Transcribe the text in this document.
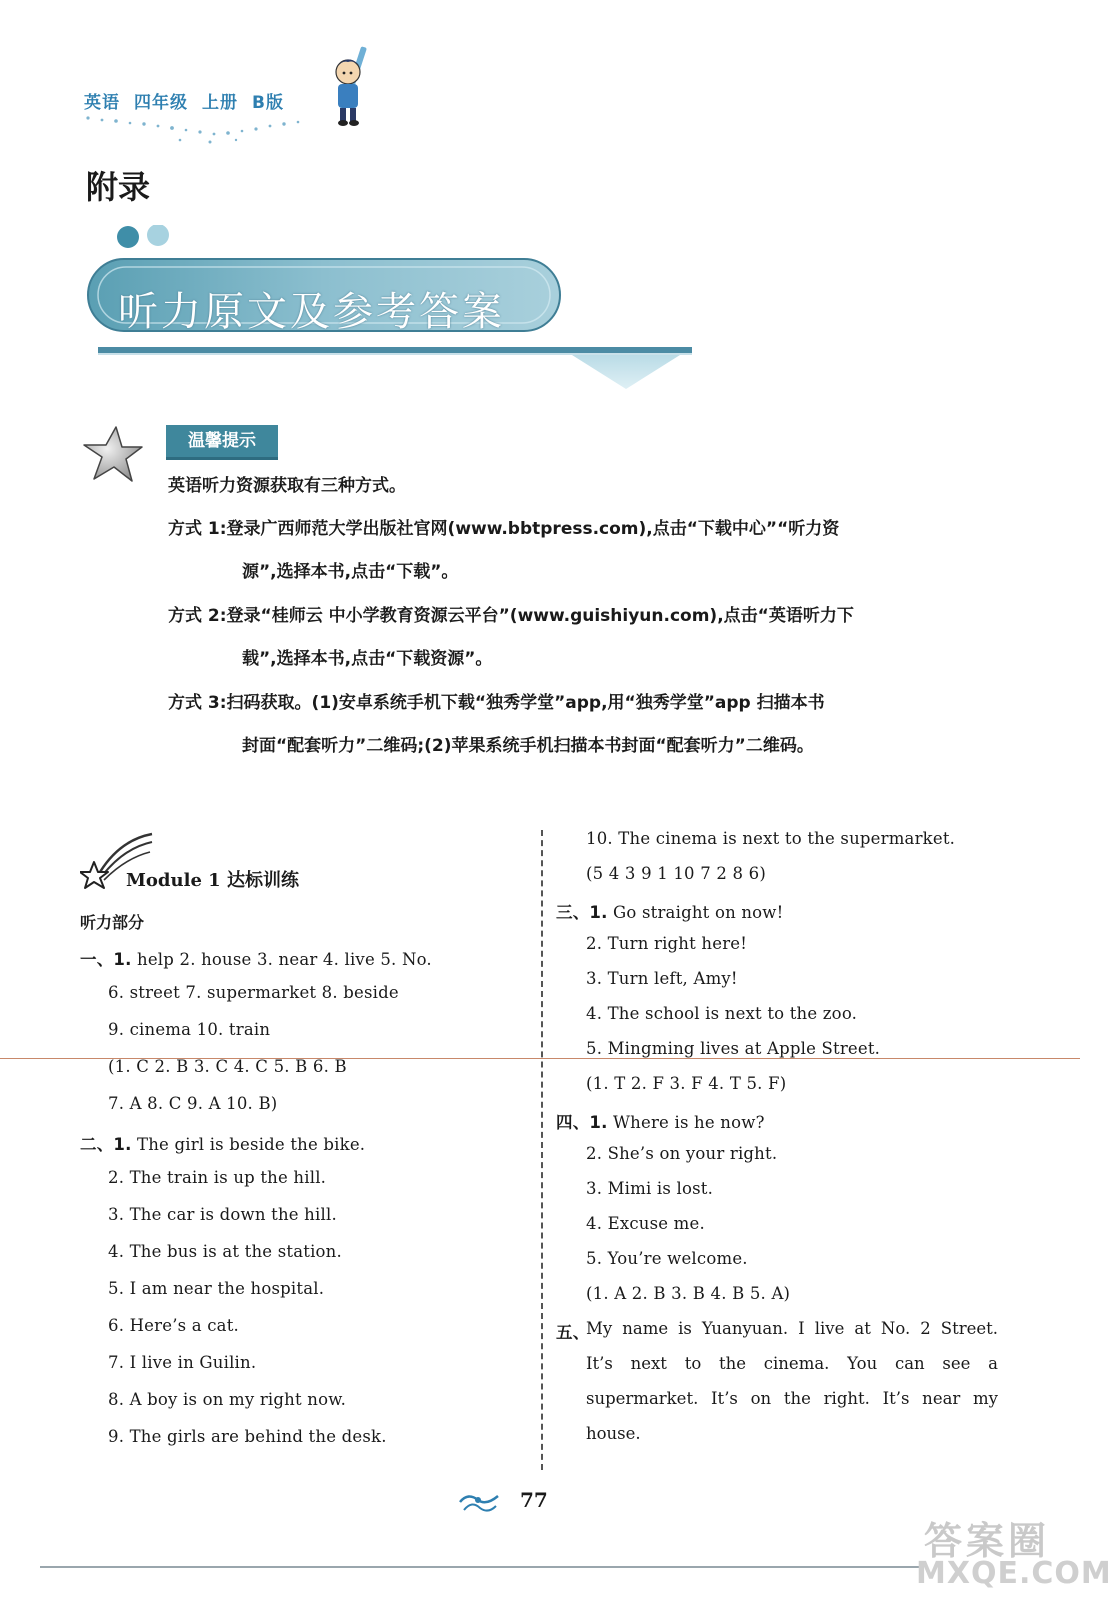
英语 四年级 上册 B版
附录
听力原文及参考答案
温馨提示
英语听力资源获取有三种方式。
方式 1:登录广西师范大学出版社官网(www.bbtpress.com),点击“下载中心”“听力资
源”,选择本书,点击“下载”。
方式 2:登录“桂师云 中小学教育资源云平台”(www.guishiyun.com),点击“英语听力下
载”,选择本书,点击“下载资源”。
方式 3:扫码获取。(1)安卓系统手机下载“独秀学堂”app,用“独秀学堂”app 扫描本书
封面“配套听力”二维码;(2)苹果系统手机扫描本书封面“配套听力”二维码。
Module 1 达标训练
听力部分
一、1. help 2. house 3. near 4. live 5. No.
6. street 7. supermarket 8. beside
9. cinema 10. train
(1. C 2. B 3. C 4. C 5. B 6. B
7. A 8. C 9. A 10. B)
二、1. The girl is beside the bike.
2. The train is up the hill.
3. The car is down the hill.
4. The bus is at the station.
5. I am near the hospital.
6. Here’s a cat.
7. I live in Guilin.
8. A boy is on my right now.
9. The girls are behind the desk.
10. The cinema is next to the supermarket.
(5 4 3 9 1 10 7 2 8 6)
三、1. Go straight on now!
2. Turn right here!
3. Turn left, Amy!
4. The school is next to the zoo.
5. Mingming lives at Apple Street.
(1. T 2. F 3. F 4. T 5. F)
四、1. Where is he now?
2. She’s on your right.
3. Mimi is lost.
4. Excuse me.
5. You’re welcome.
(1. A 2. B 3. B 4. B 5. A)
五、
My name is Yuanyuan. I live at No. 2 Street.
It’s next to the cinema. You can see a
supermarket. It’s on the right. It’s near my
house.
77
答案圈
MXQE.COM
